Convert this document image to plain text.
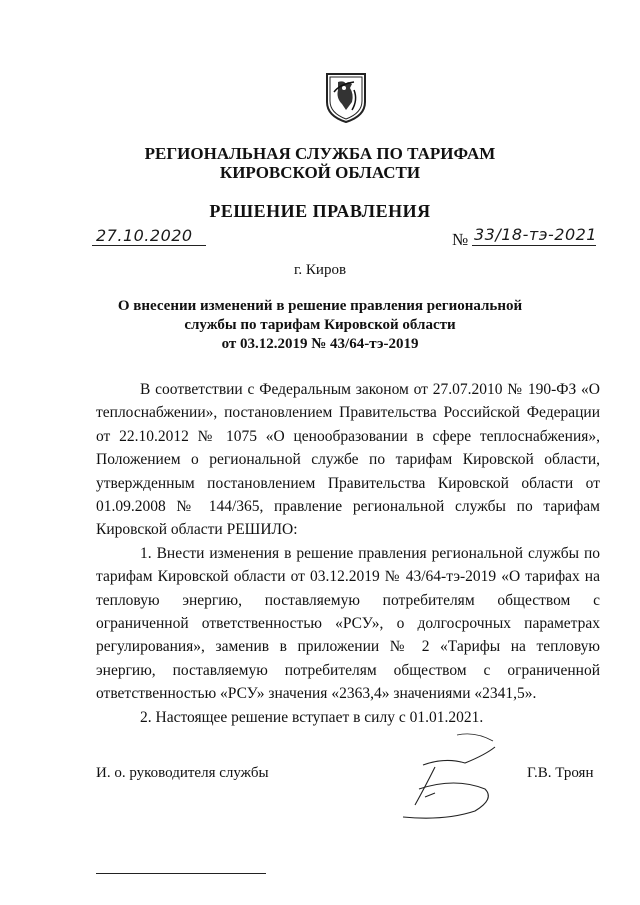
РЕГИОНАЛЬНАЯ СЛУЖБА ПО ТАРИФАМ
КИРОВСКОЙ ОБЛАСТИ
РЕШЕНИЕ ПРАВЛЕНИЯ
27.10.2020	№ 33/18-тэ-2021
г. Киров
О внесении изменений в решение правления региональной
службы по тарифам Кировской области
от 03.12.2019 № 43/64-тэ-2019

В соответствии с Федеральным законом от 27.07.2010 № 190-ФЗ «О теплоснабжении», постановлением Правительства Российской Федерации от 22.10.2012 № 1075 «О ценообразовании в сфере теплоснабжения», Положением о региональной службе по тарифам Кировской области, утвержденным постановлением Правительства Кировской области от 01.09.2008 № 144/365, правление региональной службы по тарифам Кировской области РЕШИЛО:

1. Внести изменения в решение правления региональной службы по тарифам Кировской области от 03.12.2019 № 43/64-тэ-2019 «О тарифах на тепловую энергию, поставляемую потребителям обществом с ограниченной ответственностью «РСУ», о долгосрочных параметрах регулирования», заменив в приложении № 2 «Тарифы на тепловую энергию, поставляемую потребителям обществом с ограниченной ответственностью «РСУ» значения «2363,4» значениями «2341,5».

2. Настоящее решение вступает в силу с 01.01.2021.

И. о. руководителя службы	Г.В. Троян
